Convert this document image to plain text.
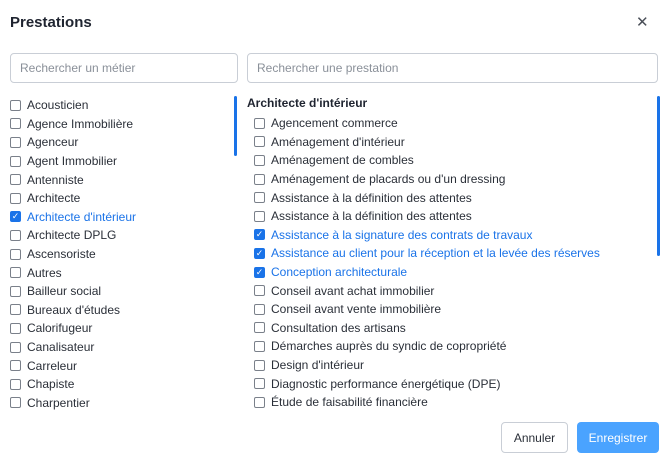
Prestations	✕
Rechercher un métier
Rechercher une prestation
Acousticien
Agence Immobilière
Agenceur
Agent Immobilier
Antenniste
Architecte
✓
Architecte d'intérieur
Architecte DPLG
Ascensoriste
Autres
Bailleur social
Bureaux d'études
Calorifugeur
Canalisateur
Carreleur
Chapiste
Charpentier
Architecte d'intérieur
Agencement commerce
Aménagement d'intérieur
Aménagement de combles
Aménagement de placards ou d'un dressing
Assistance à la définition des attentes
Assistance à la définition des attentes
✓
Assistance à la signature des contrats de travaux
✓
Assistance au client pour la réception et la levée des réserves
✓
Conception architecturale
Conseil avant achat immobilier
Conseil avant vente immobilière
Consultation des artisans
Démarches auprès du syndic de copropriété
Design d'intérieur
Diagnostic performance énergétique (DPE)
Étude de faisabilité financière
Annuler	Enregistrer
